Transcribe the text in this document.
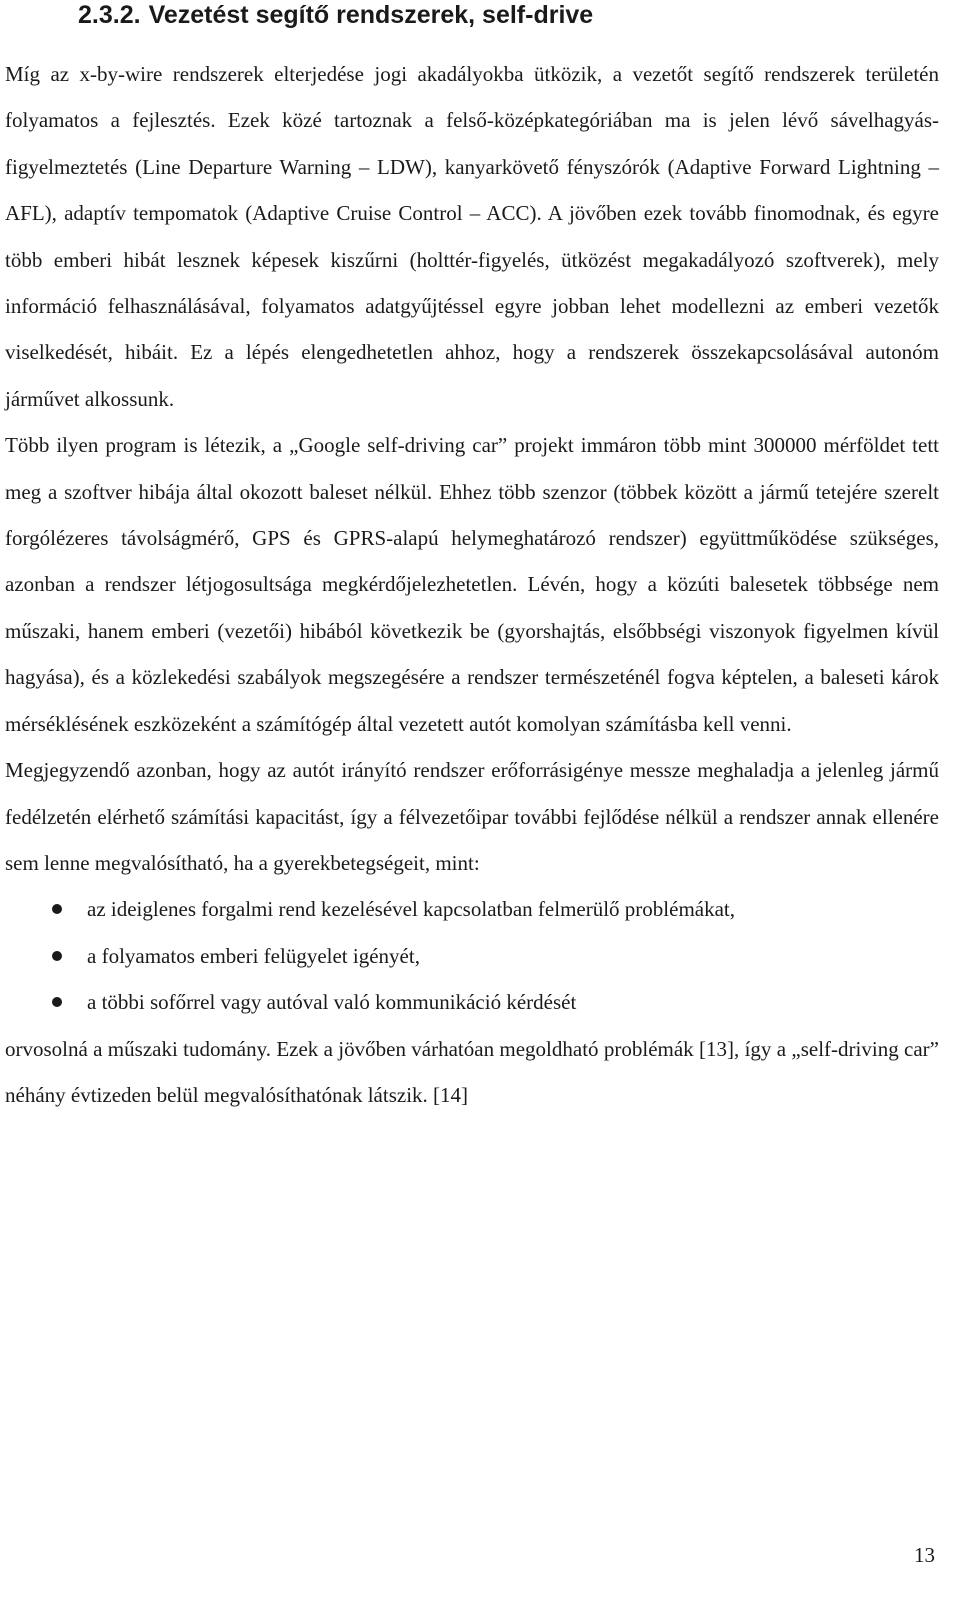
2.3.2. Vezetést segítő rendszerek, self-drive

Míg az x-by-wire rendszerek elterjedése jogi akadályokba ütközik, a vezetőt segítő rendszerek területén folyamatos a fejlesztés. Ezek közé tartoznak a felső-középkategóriában ma is jelen lévő sávelhagyás-figyelmeztetés (Line Departure Warning – LDW), kanyarkövető fényszórók (Adaptive Forward Lightning – AFL), adaptív tempomatok (Adaptive Cruise Control – ACC). A jövőben ezek tovább finomodnak, és egyre több emberi hibát lesznek képesek kiszűrni (holttér-figyelés, ütközést megakadályozó szoftverek), mely információ felhasználásával, folyamatos adatgyűjtéssel egyre jobban lehet modellezni az emberi vezetők viselkedését, hibáit. Ez a lépés elengedhetetlen ahhoz, hogy a rendszerek összekapcsolásával autonóm járművet alkossunk.

Több ilyen program is létezik, a „Google self-driving car” projekt immáron több mint 300000 mérföldet tett meg a szoftver hibája által okozott baleset nélkül. Ehhez több szenzor (többek között a jármű tetejére szerelt forgólézeres távolságmérő, GPS és GPRS-alapú helymeghatározó rendszer) együttműködése szükséges, azonban a rendszer létjogosultsága megkérdőjelezhetetlen. Lévén, hogy a közúti balesetek többsége nem műszaki, hanem emberi (vezetői) hibából következik be (gyorshajtás, elsőbbségi viszonyok figyelmen kívül hagyása), és a közlekedési szabályok megszegésére a rendszer természeténél fogva képtelen, a baleseti károk mérséklésének eszközeként a számítógép által vezetett autót komolyan számításba kell venni.

Megjegyzendő azonban, hogy az autót irányító rendszer erőforrásigénye messze meghaladja a jelenleg jármű fedélzetén elérhető számítási kapacitást, így a félvezetőipar további fejlődése nélkül a rendszer annak ellenére sem lenne megvalósítható, ha a gyerekbetegségeit, mint:

az ideiglenes forgalmi rend kezelésével kapcsolatban felmerülő problémákat,
a folyamatos emberi felügyelet igényét,
a többi sofőrrel vagy autóval való kommunikáció kérdését

orvosolná a műszaki tudomány. Ezek a jövőben várhatóan megoldható problémák [13], így a „self-driving car” néhány évtizeden belül megvalósíthatónak látszik. [14]

13
